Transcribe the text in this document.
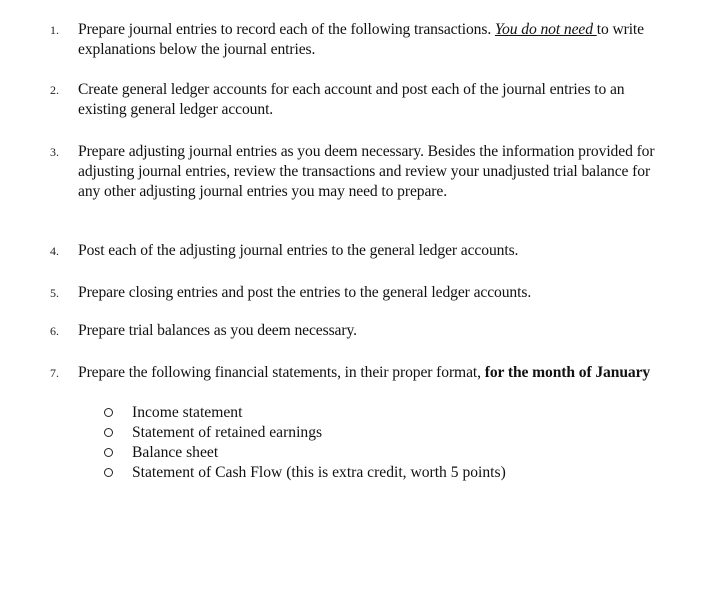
1.	Prepare journal entries to record each of the following transactions. You do not need to write explanations below the journal entries.
2.	Create general ledger accounts for each account and post each of the journal entries to an existing general ledger account.
3.	Prepare adjusting journal entries as you deem necessary. Besides the information provided for adjusting journal entries, review the transactions and review your unadjusted trial balance for any other adjusting journal entries you may need to prepare.
4.	Post each of the adjusting journal entries to the general ledger accounts.
5.	Prepare closing entries and post the entries to the general ledger accounts.
6.	Prepare trial balances as you deem necessary.
7.	Prepare the following financial statements, in their proper format, for the month of January
Income statement
Statement of retained earnings
Balance sheet
Statement of Cash Flow (this is extra credit, worth 5 points)
